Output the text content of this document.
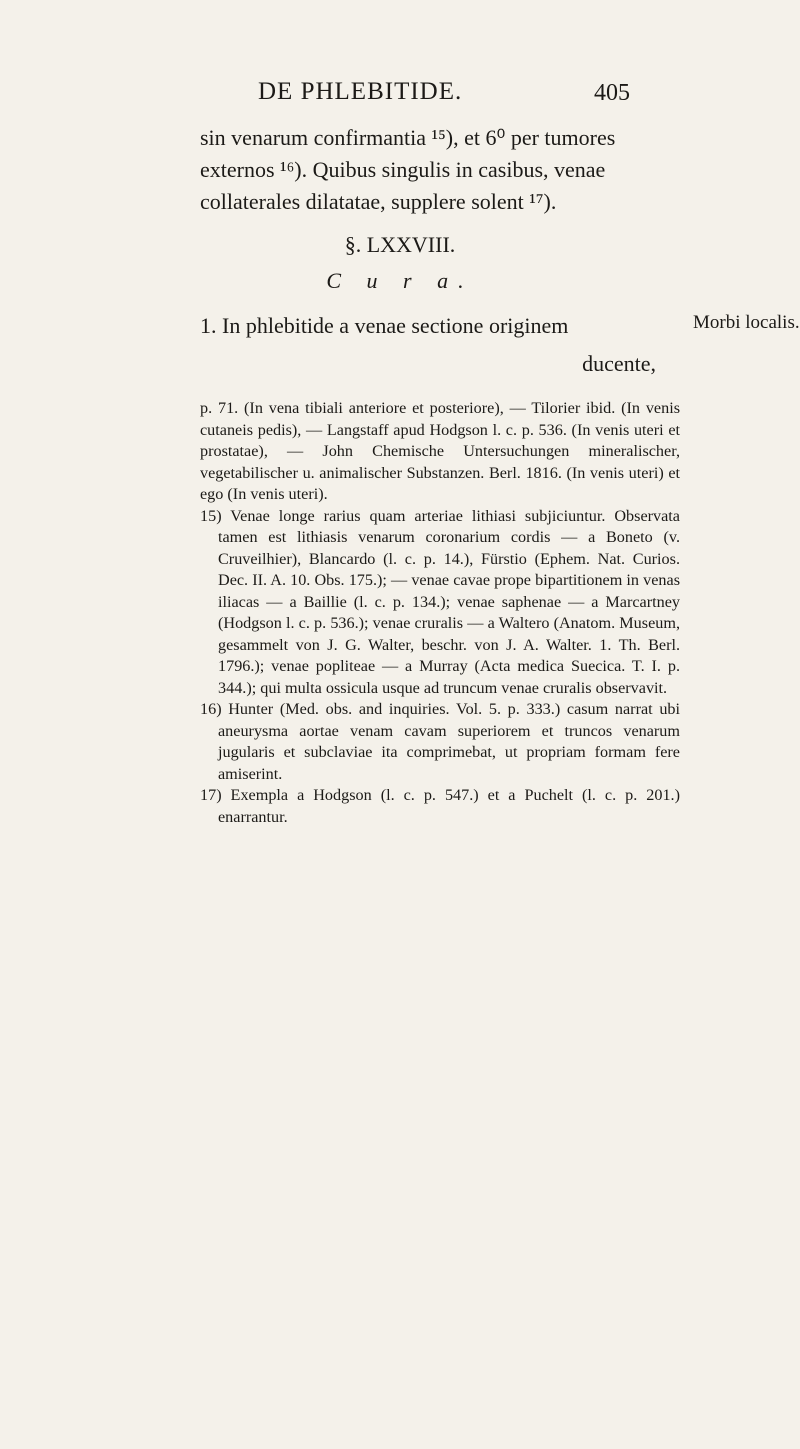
DE PHLEBITIDE.	405

sin venarum confirmantia ¹⁵), et 6⁰ per tumores externos ¹⁶). Quibus singulis in casibus, venae collaterales dilatatae, supplere solent ¹⁷).

§. LXXVIII.
C u r a.
1. In phlebitide a venae sectione originem
ducente,
Morbi localis.

p. 71. (In vena tibiali anteriore et posteriore), — Tilorier ibid. (In venis cutaneis pedis), — Langstaff apud Hodgson l. c. p. 536. (In venis uteri et prostatae), — John Chemische Untersuchungen mineralischer, vegetabilischer u. animalischer Substanzen. Berl. 1816. (In venis uteri) et ego (In venis uteri).

15) Venae longe rarius quam arteriae lithiasi subjiciuntur. Observata tamen est lithiasis venarum coronarium cordis — a Boneto (v. Cruveilhier), Blancardo (l. c. p. 14.), Fürstio (Ephem. Nat. Curios. Dec. II. A. 10. Obs. 175.); — venae cavae prope bipartitionem in venas iliacas — a Baillie (l. c. p. 134.); venae saphenae — a Marcartney (Hodgson l. c. p. 536.); venae cruralis — a Waltero (Anatom. Museum, gesammelt von J. G. Walter, beschr. von J. A. Walter. 1. Th. Berl. 1796.); venae popliteae — a Murray (Acta medica Suecica. T. I. p. 344.); qui multa ossicula usque ad truncum venae cruralis observavit.

16) Hunter (Med. obs. and inquiries. Vol. 5. p. 333.) casum narrat ubi aneurysma aortae venam cavam superiorem et truncos venarum jugularis et subclaviae ita comprimebat, ut propriam formam fere amiserint.

17) Exempla a Hodgson (l. c. p. 547.) et a Puchelt (l. c. p. 201.) enarrantur.
